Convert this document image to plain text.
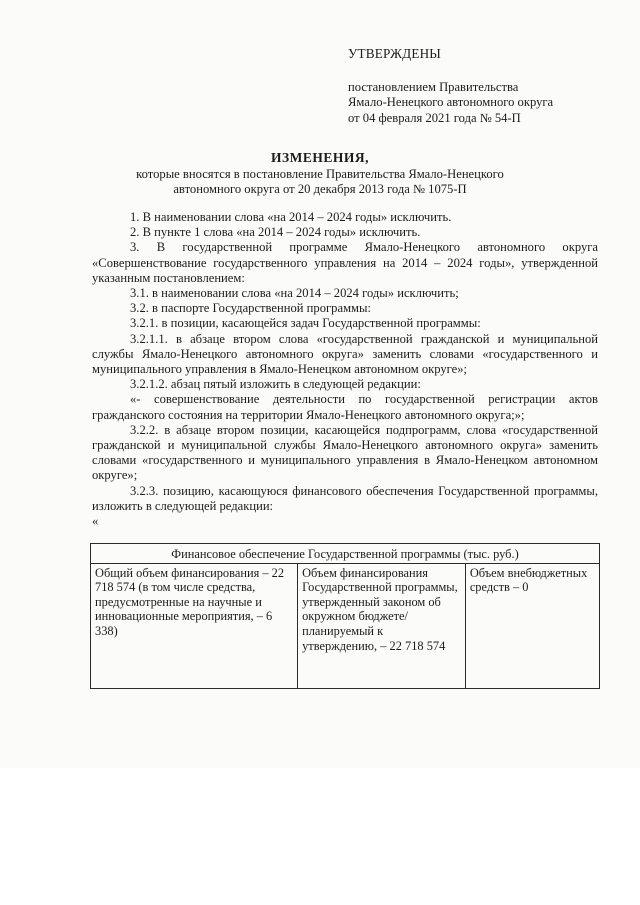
УТВЕРЖДЕНЫ
постановлением Правительства
Ямало-Ненецкого автономного округа
от 04 февраля 2021 года № 54-П
ИЗМЕНЕНИЯ,
которые вносятся в постановление Правительства Ямало-Ненецкого
автономного округа от 20 декабря 2013 года № 1075-П

1. В наименовании слова «на 2014 – 2024 годы» исключить.

2. В пункте 1 слова «на 2014 – 2024 годы» исключить.

3. В государственной программе Ямало-Ненецкого автономного округа «Совершенствование государственного управления на 2014 – 2024 годы», утвержденной указанным постановлением:

3.1. в наименовании слова «на 2014 – 2024 годы» исключить;

3.2. в паспорте Государственной программы:

3.2.1. в позиции, касающейся задач Государственной программы:

3.2.1.1. в абзаце втором слова «государственной гражданской и муниципальной службы Ямало-Ненецкого автономного округа» заменить словами «государственного и муниципального управления в Ямало-Ненецком автономном округе»;

3.2.1.2. абзац пятый изложить в следующей редакции:

«- совершенствование деятельности по государственной регистрации актов гражданского состояния на территории Ямало-Ненецкого автономного округа;»;

3.2.2. в абзаце втором позиции, касающейся подпрограмм, слова «государственной гражданской и муниципальной службы Ямало-Ненецкого автономного округа» заменить словами «государственного и муниципального управления в Ямало-Ненецком автономном округе»;

3.2.3. позицию, касающуюся финансового обеспечения Государственной программы, изложить в следующей редакции:

«

Финансовое обеспечение Государственной программы (тыс. руб.)
Общий объем финансирования – 22 718 574 (в том числе средства, предусмотренные на научные и инновационные мероприятия, – 6 338)	Объем финансирования Государственной программы, утвержденный законом об окружном бюджете/ планируемый к утверждению, – 22 718 574	Объем внебюджетных средств – 0
